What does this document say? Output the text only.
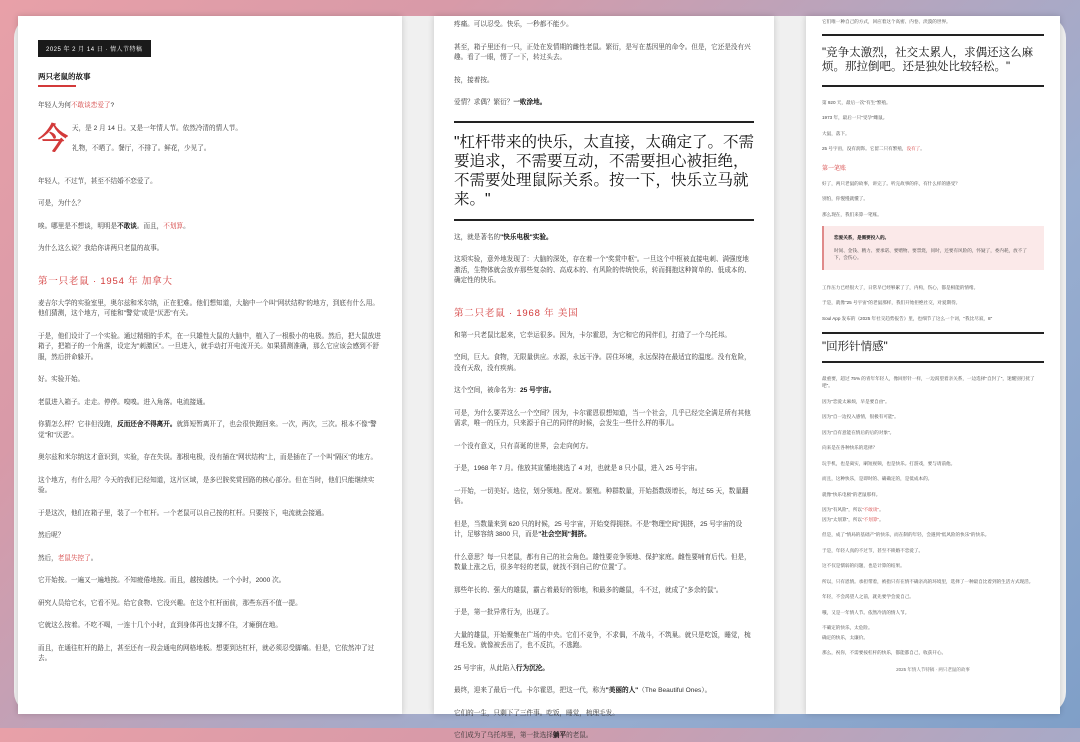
2025 年 2 月 14 日 · 情人节特稿
两只老鼠的故事

年轻人为何不敢谈恋爱了?

今 天，是 2 月 14 日。又是一年情人节。依然冷清的情人节。

礼物，不晒了。餐厅，不排了。鲜花，少见了。

年轻人，不过节，甚至不结婚不恋爱了。

可是，为什么？

唉。哪里是不想谈，明明是不敢谈。而且，不划算。

为什么这么说？我给你讲两只老鼠的故事。

第一只老鼠 · 1954 年 加拿大

麦吉尔大学的实验室里，奥尔兹和米尔纳，正在犯难。他们想知道，大脑中一个叫"网状结构"的地方，到底有什么用。他们猜测，这个地方，可能和"警觉"或是"厌恶"有关。

于是，他们设计了一个实验。通过精细的手术，在一只雄性大鼠的大脑中，植入了一根极小的电极。然后，把大鼠放进箱子，把箱子的一个角落，设定为"刺激区"。一旦进入，就手动打开电流开关。如果猜测准确，那么它应该会感到不舒服，然后拼命躲开。

好。实验开始。

老鼠进入箱子。走走。停停。嗅嗅。进入角落。电流接通。

你猜怎么样？它非但没跑，反而还舍不得离开。就算短暂离开了，也会很快跑回来。一次，两次，三次。根本不像"警觉"和"厌恶"。

奥尔兹和米尔纳这才意识到，实验，存在失误。那根电极，没有插在"网状结构"上，而是插在了一个叫"隔区"的地方。

这个地方，有什么用？今天的我们已经知道，这片区域，是多巴胺奖赏回路的核心部分。但在当时，他们只能继续实验。

于是这次，他们在箱子里，装了一个杠杆。一个老鼠可以自己按的杠杆。只要按下，电流就会接通。

然后呢？

然后，老鼠失控了。

它开始按。一遍又一遍地按。不知疲倦地按。而且，越按越快。一个小时，2000 次。

研究人员给它水，它看不见。给它食物、它没兴趣。在这个杠杆面前，那些东西不值一提。

它就这么按着。不吃不喝，一连十几个小时，直到身体再也支撑不住，才瘫倒在地。

而且，在通往杠杆的路上，甚至还有一段会通电的网格地板。想要到达杠杆，就必须忍受脚痛。但是，它依然冲了过去。

疼痛。可以忍受。快乐，一秒都不能少。

甚至，箱子里还有一只，正处在发情期的雌性老鼠。繁衍，是写在基因里的命令。但是，它还是没有兴趣。看了一眼，愣了一下，转过头去。

按，接着按。

爱情？求偶？繁衍？一败涂地。

"杠杆带来的快乐，太直接，太确定了。不需要追求，不需要互动，不需要担心被拒绝，不需要处理鼠际关系。按一下，快乐立马就来。"

这，就是著名的"快乐电极"实验。

这项实验，意外地发现了：大脑的深处，存在着一个"奖赏中枢"。一旦这个中枢被直接电刺、满强度地激活，生物体就会放弃那些复杂的、高成本的、有风险的传统快乐，转而拥抱这种简单的、低成本的、确定性的快乐。

第二只老鼠 · 1968 年 美国

和第一只老鼠比起来，它幸运很多。因为，卡尔霍恩，为它和它的同伴们，打造了一个乌托邦。

空间，巨大。食物，无限量供应。水源，永远干净。居住环境，永远保持在最适宜的温度。没有危险，没有天敌，没有疾病。

这个空间，被命名为：25 号宇宙。

可是，为什么要弄这么一个空间？因为，卡尔霍恩很想知道，当一个社会，几乎已经完全满足所有其他需求，唯一的压力，只来源于自己的同伴的时候，会发生一些什么样的事儿。

一个没有意义，只有喜诞的世界，会走向何方。

于是，1968 年 7 月。他放其宣懂地挑选了 4 对，也就是 8 只小鼠，进入 25 号宇宙。

一开始，一切美好。选位，划分领地。配对。繁殖。种群数量，开始指数级增长，每过 55 天，数量翻倍。

但是，当数量来到 620 只的时候，25 号宇宙，开始变得拥挤。不是"物理空间"拥挤，25 号宇宙的设计，足够容纳 3800 只，而是"社会空间"拥挤。

什么意思？每一只老鼠，都有自己的社会角色。雄性要竞争领地、保护家庭。雌性要哺育后代。但是，数量上涨之后，很多年轻的老鼠，就找不到自己的"位置"了。

那些年长的、强大的雄鼠，霸占着最好的领地，和最多的雌鼠，斗不过，就成了"多余的鼠"。

于是，第一批异常行为，出现了。

大量的雄鼠，开始聚集在广场的中央。它们不竞争，不求偶，不战斗，不筑巢。就只是吃饭，睡觉，梳理毛发。就像被丢出了，也不反抗，不逃跑。

25 号宇宙，从此陷入行为沉沦。

最终，迎来了最后一代。卡尔霍恩，把这一代，称为"美丽的人"（The Beautiful Ones）。

它们的一生，只剩下了三件事。吃饭，睡觉，梳理毛发。

它们成为了乌托邦里，第一批选择躺平的老鼠。

它们唯一种自己的方式，回应着这个高密、内卷、淡漠的世界。

"竞争太激烈，社交太累人，求偶还这么麻烦。那拉倒吧。还是独处比较轻松。"

第 920 天，最后一次"有生"繁殖。

1973 年，最后一只"受孕"雌鼠。

大鼠，落下。

25 号宇宙，没有润饰。它留二只有繁殖，没有了。

第一笔账

好了，两只老鼠的故事，讲完了。听完故事的你，有什么样的感受？

别怕，你慢慢就懂了。

那么现在，我们来算一笔账。

恋爱关系，是需要投入的。

时间、金钱、精力、要承诺、要赠物、要票烧，同时，还要有风险的，怀疑了，委内耗，放不了下，会伤心。

工作压力已经很大了，日常早已经够累了了，内构，伤心，都是相能的情绪。

于是，就像"25 号宇宙"的老鼠那样，我们开始拒绝社交，对爱期待。

Soul App 发布的《2025 年社交趋势报告》里，也细节了这么一个词，"我比尽寂，8"

"回形针情感"

最重要，超过 75% 的青年年轻人，像回形针一样，一边渴望着亲关系，一边选择"自封了"，迷醒别打扰了吧"。

因为"恋爱太麻烦，早是要自由"。

因为"自一边投入感情，很极有可能"。

因为"自有意能在情后的后的对象"。

向来是在各种快乐的选择？

玩手机，也是离实，刷短视频，也是快乐。打游戏，要与请前他。

而且，这种快乐，是即时的、确确定的，是低成本的。

就像"快乐电极"的老鼠那样。

因为"有风险"，所以"不敢谈"。

因为"太划算"，所以"不划算"。

但是，成了"情局的基础产"的快乐，而在制的年轻，会遇到"低风险的快乐"的快乐。

于是，年轻人真的不过节，甚至不锁婚不恋爱了。

这不仅是懦弱的问题，也是计算的结果。

所以，只有恩情。承担带着，被指只有在情不确亲高的环境里，选择了一种最自比着到的生活方式现活。

年轻，不会渴望人之前，就先要学会爱自己。

哦，又是一年情人节。依然冷清的情人节。

不确定的快乐，太危险。

确定的快乐，太廉价。

那么，祝你，不需要按杠杆的快乐，都能都自己，收获开心。

2025 年情人节特稿 · 两只老鼠的故事
